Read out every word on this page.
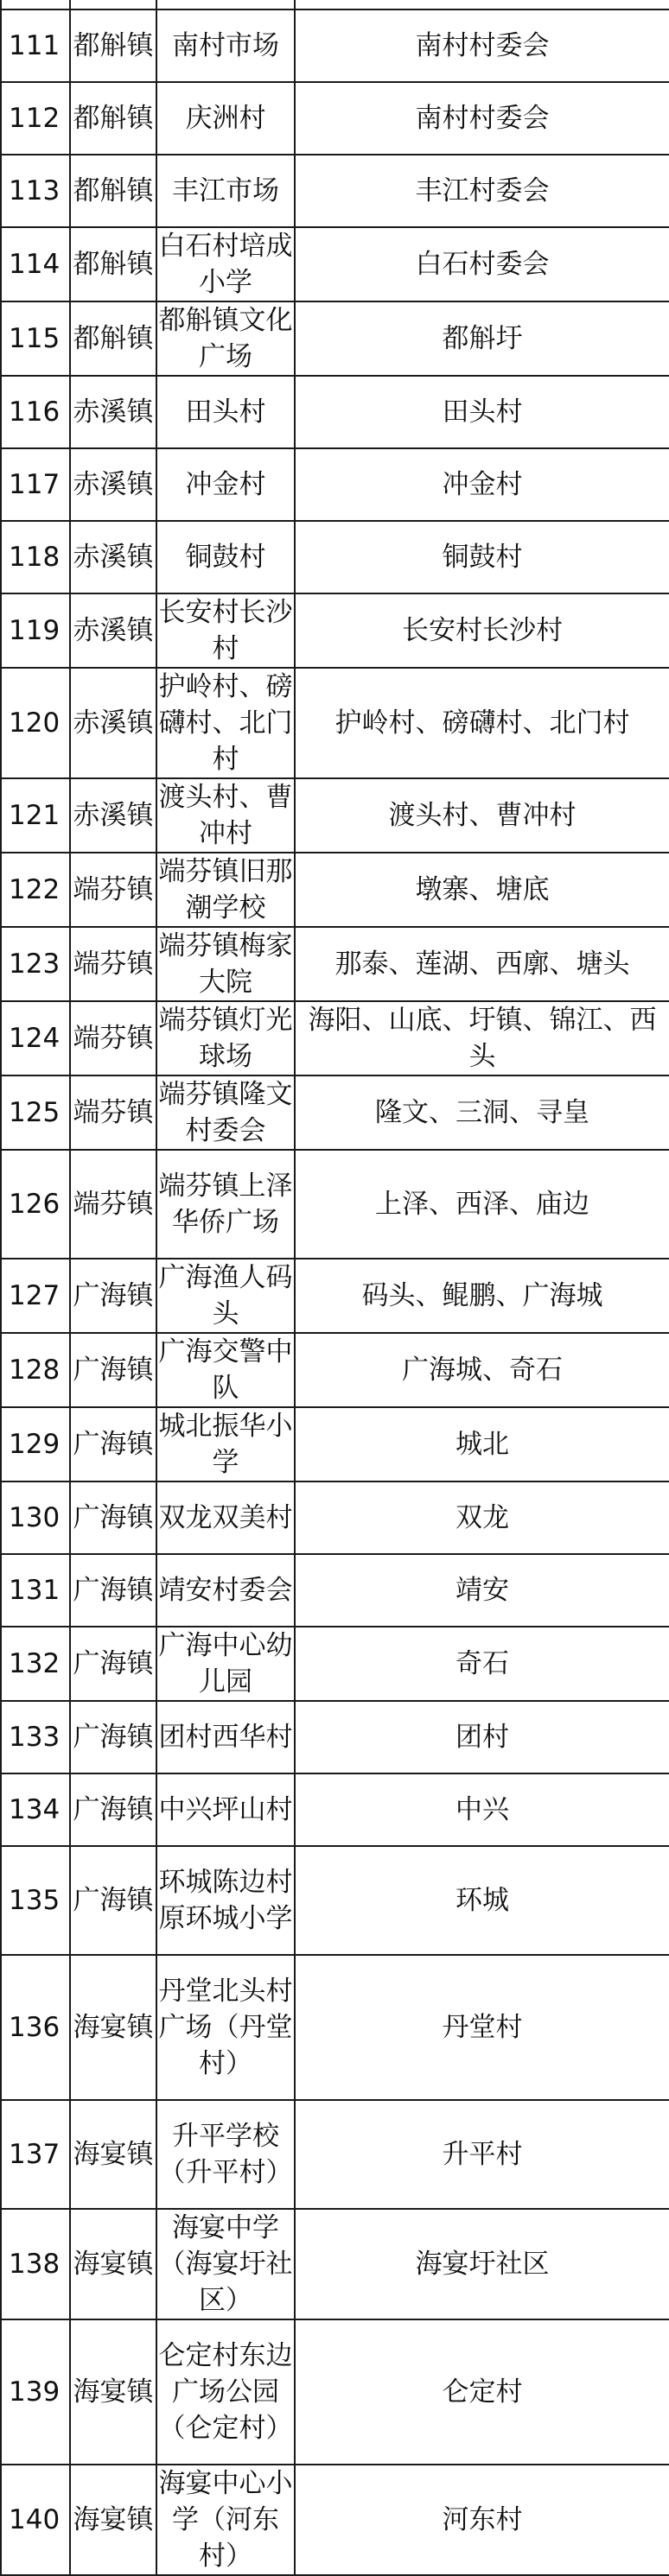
111	都斛镇	南村市场	南村村委会
112	都斛镇	庆洲村	南村村委会
113	都斛镇	丰江市场	丰江村委会
114	都斛镇	白石村培成小学	白石村委会
115	都斛镇	都斛镇文化广场	都斛圩
116	赤溪镇	田头村	田头村
117	赤溪镇	冲金村	冲金村
118	赤溪镇	铜鼓村	铜鼓村
119	赤溪镇	长安村长沙村	长安村长沙村
120	赤溪镇	护岭村、磅礴村、北门村	护岭村、磅礴村、北门村
121	赤溪镇	渡头村、曹冲村	渡头村、曹冲村
122	端芬镇	端芬镇旧那潮学校	墩寨、塘底
123	端芬镇	端芬镇梅家大院	那泰、莲湖、西廓、塘头
124	端芬镇	端芬镇灯光球场	海阳、山底、圩镇、锦江、西头
125	端芬镇	端芬镇隆文村委会	隆文、三洞、寻皇
126	端芬镇	端芬镇上泽华侨广场	上泽、西泽、庙边
127	广海镇	广海渔人码头	码头、鲲鹏、广海城
128	广海镇	广海交警中队	广海城、奇石
129	广海镇	城北振华小学	城北
130	广海镇	双龙双美村	双龙
131	广海镇	靖安村委会	靖安
132	广海镇	广海中心幼儿园	奇石
133	广海镇	团村西华村	团村
134	广海镇	中兴坪山村	中兴
135	广海镇	环城陈边村原环城小学	环城
136	海宴镇	丹堂北头村广场（丹堂村）	丹堂村
137	海宴镇	升平学校（升平村）	升平村
138	海宴镇	海宴中学（海宴圩社区）	海宴圩社区
139	海宴镇	仑定村东边广场公园（仑定村）	仑定村
140	海宴镇	海宴中心小学（河东村）	河东村
